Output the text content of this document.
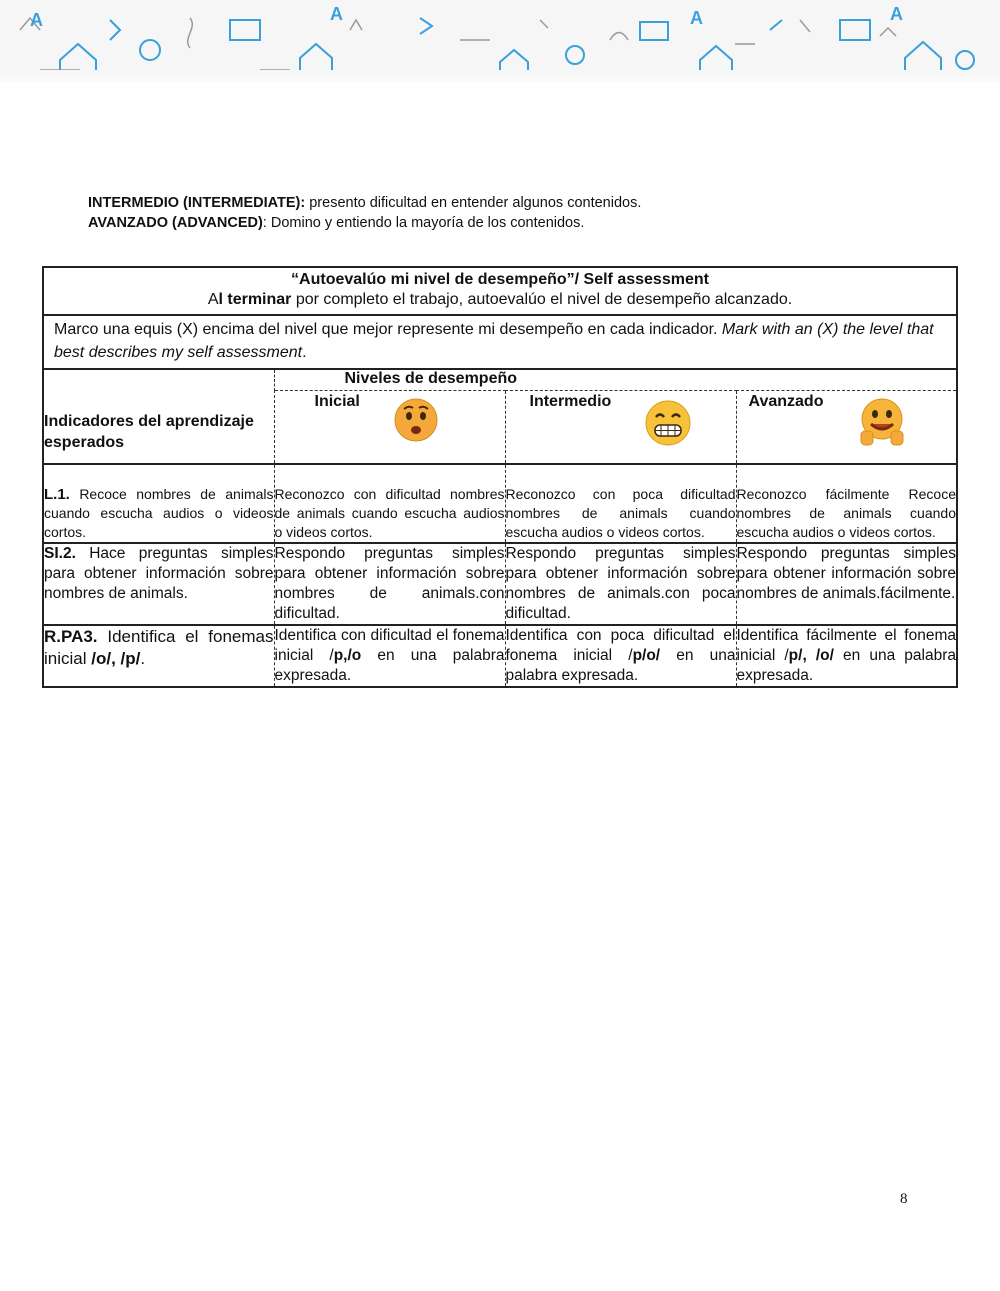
A	A	A	A
INTERMEDIO (INTERMEDIATE): presento dificultad en entender algunos contenidos.
AVANZADO (ADVANCED): Domino y entiendo la mayoría de los contenidos.
“Autoevalúo mi nivel de desempeño”/ Self assessment
Al terminar por completo el trabajo, autoevalúo el nivel de desempeño alcanzado.			

Marco una equis (X) encima del nivel que mejor represente mi desempeño en cada indicador. Mark with an (X) the level that best describes my self assessment.			
Indicadores del aprendizaje esperados	Niveles de desempeño		

	Inicial	Intermedio	Avanzado

L.1. Recoce nombres de animals cuando escucha audios o videos cortos.	Reconozco con dificultad nombres de animals cuando escucha audios o videos cortos.	Reconozco con poca dificultad nombres de animals cuando escucha audios o videos cortos.	Reconozco fácilmente Recoce nombres de animals cuando escucha audios o videos cortos.
SI.2. Hace preguntas simples para obtener información sobre nombres de animals.	Respondo preguntas simples para obtener información sobre nombres de animals.con dificultad.	Respondo preguntas simples para obtener información sobre nombres de animals.con poca dificultad.	Respondo preguntas simples para obtener información sobre nombres de animals.fácilmente.
R.PA3. Identifica el fonemas inicial /o/, /p/.	Identifica con dificultad el fonema inicial /p,/o en una palabra expresada.	Identifica con poca dificultad el fonema inicial /p/o/ en una palabra expresada.	Identifica fácilmente el fonema inicial /p/, /o/ en una palabra expresada.
8
